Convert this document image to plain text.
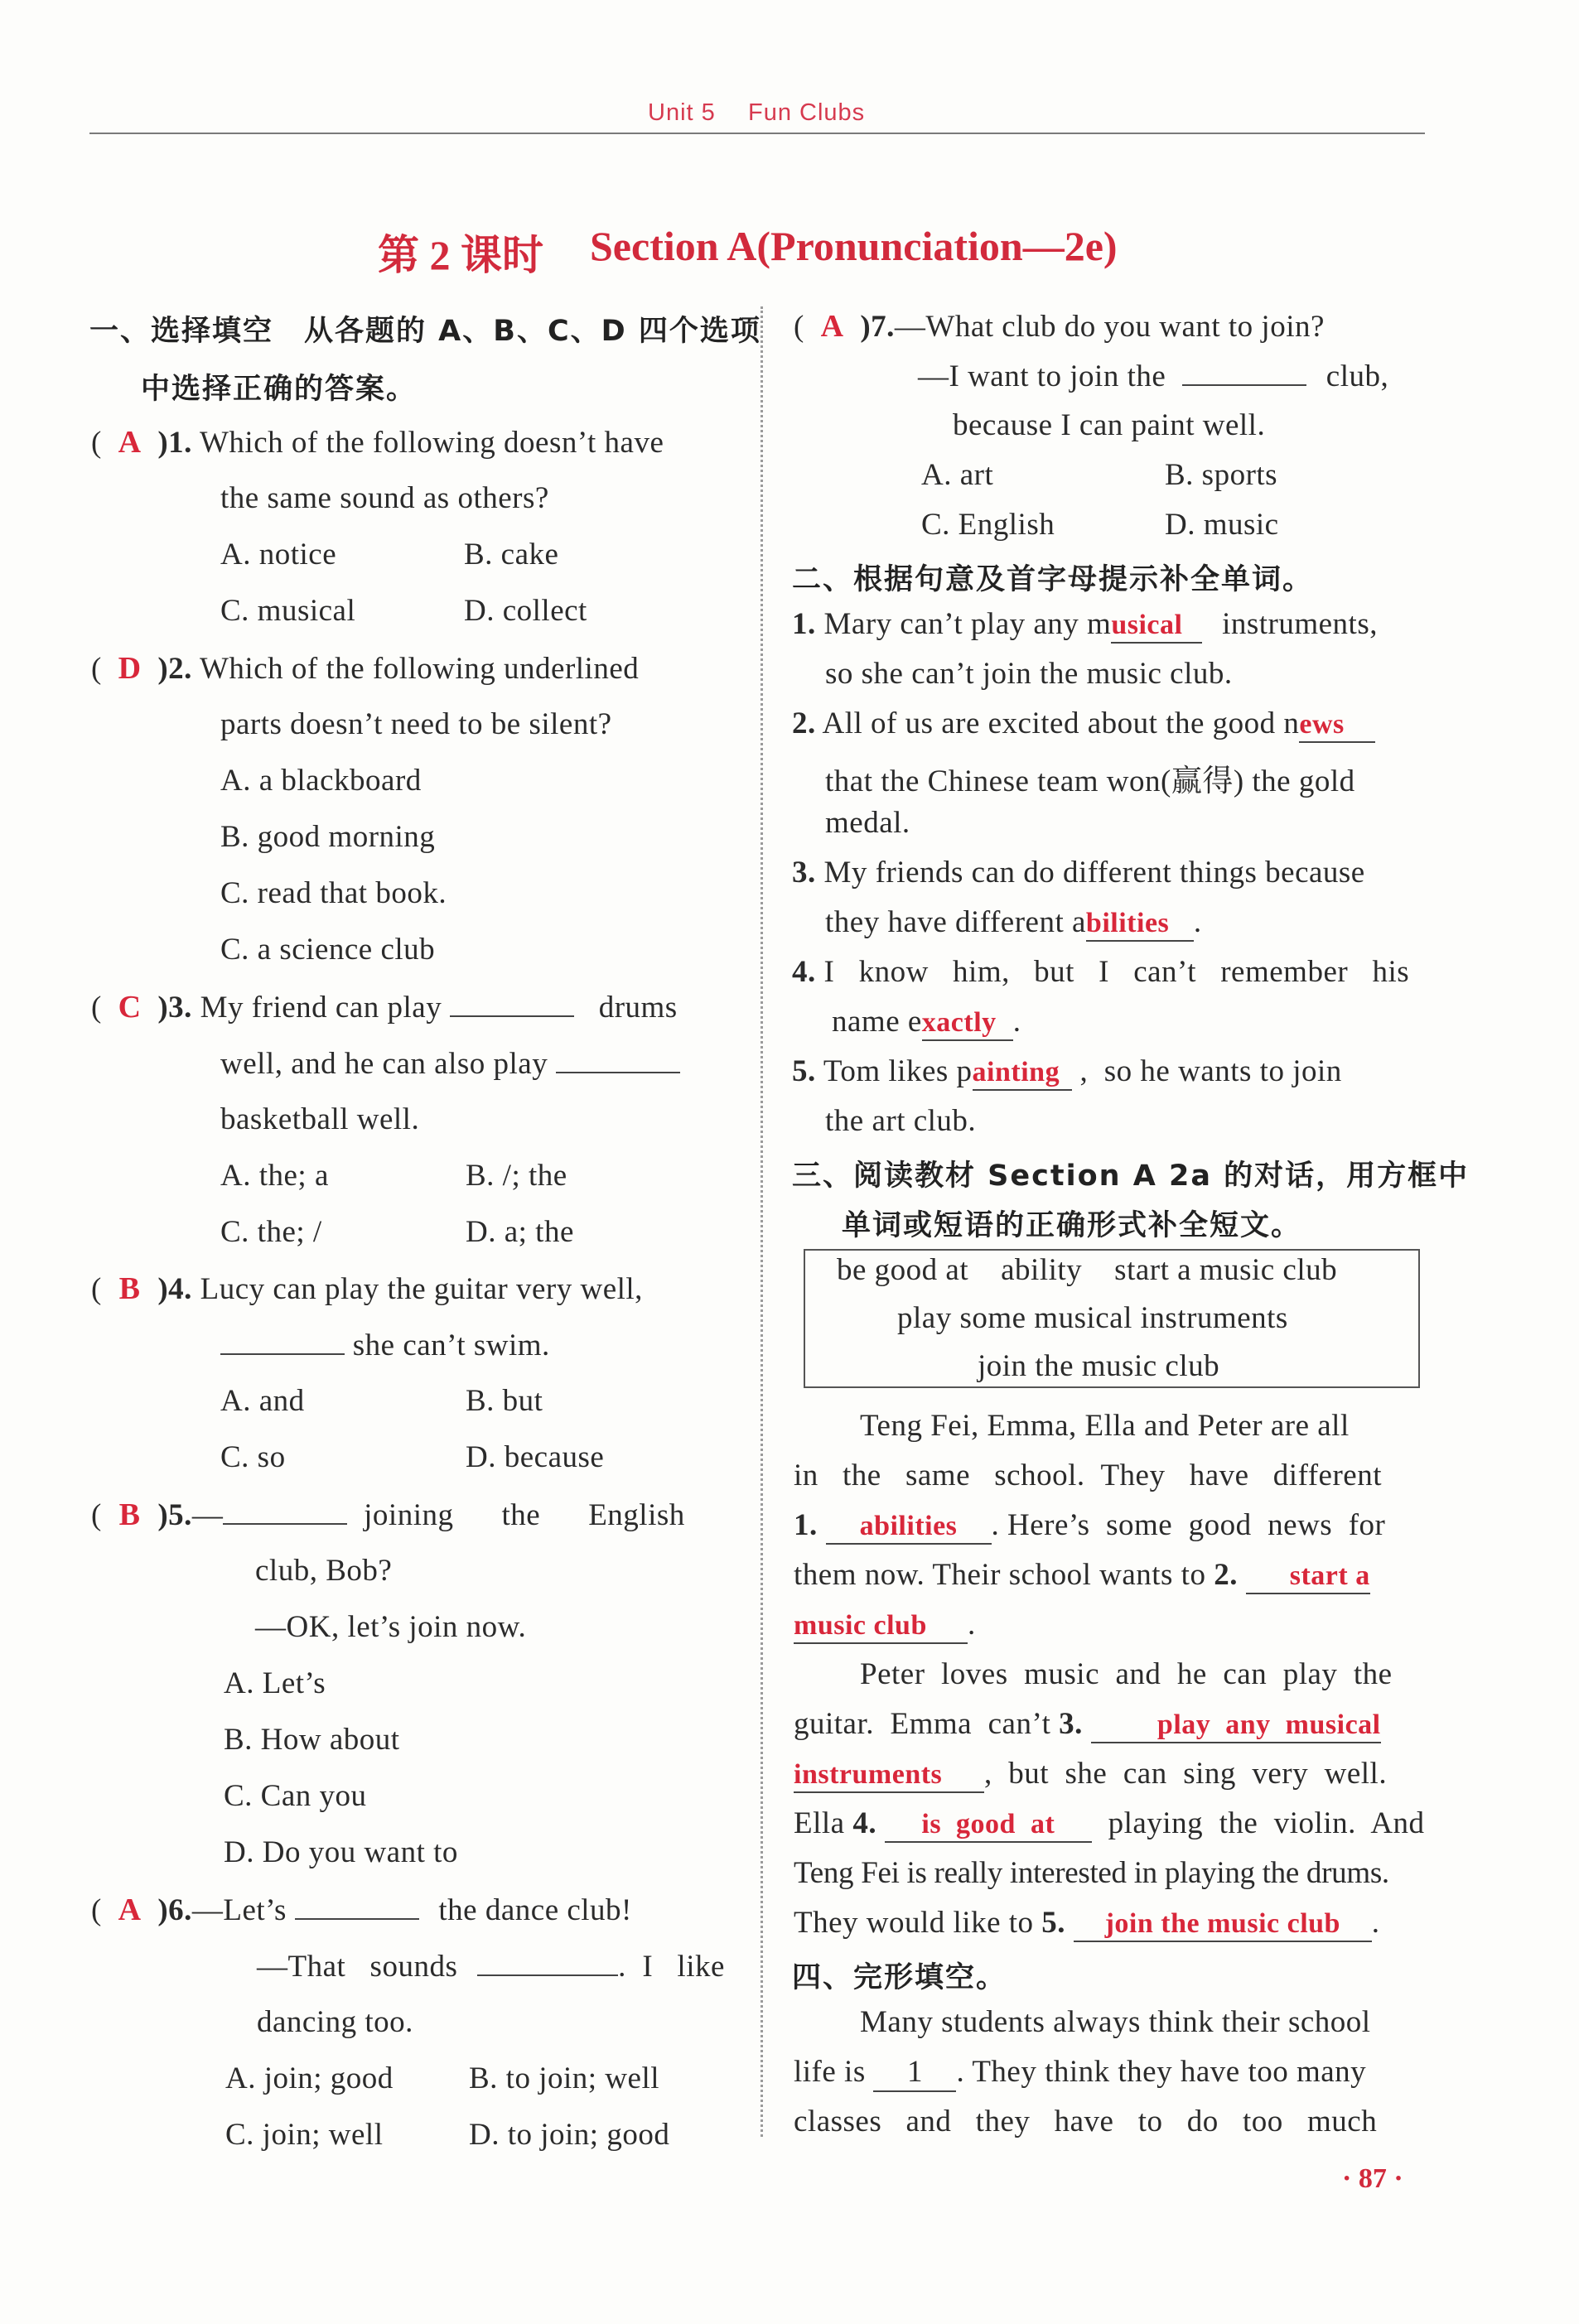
Unit 5 Fun Clubs
第 2 课时 Section A(Pronunciation—2e)
一、选择填空　从各题的 A、B、C、D 四个选项
中选择正确的答案。
( A )1. Which of the following doesn’t have
the same sound as others?
A. notice	B. cake
C. musical	D. collect
( D )2. Which of the following underlined
parts doesn’t need to be silent?
A. a blackboard
B. good morning
C. read that book.
C. a science club
( C )3. My friend can play	drums
well, and he can also play
basketball well.
A. the; a	B. /; the
C. the; /	D. a; the
( B )4. Lucy can play the guitar very well,
she can’t swim.
A. and	B. but
C. so	D. because
( B )5.—	joining the English
club, Bob?
—OK, let’s join now.
A. Let’s
B. How about
C. Can you
D. Do you want to
( A )6.—Let’s	the dance club!
—That   sounds	.  I   like
dancing too.
A. join; good B. to join; well
C. join; well	D. to join; good
( A )7.—What club do you want to join?
—I want to join the	club,
because I can paint well.
A. art	B. sports
C. English	D. music
二、根据句意及首字母提示补全单词。
1. Mary can’t play any musical instruments,
so she can’t join the music club.
2. All of us are excited about the good news
that the Chinese team won(赢得) the gold
medal.
3. My friends can do different things because
they have different abilities .
4. I   know   him,   but   I   can’t   remember   his
name exactly .
5. Tom likes painting ,  so he wants to join
the art club.
三、阅读教材 Section A 2a 的对话，用方框中
单词或短语的正确形式补全短文。
be good at    ability    start a music club
play some musical instruments
join the music club
Teng Fei, Emma, Ella and Peter are all
in   the   same   school.  They   have   different
1. abilities . Here’s  some  good  news  for
them now. Their school wants to 2. start a
music club .
Peter  loves  music  and  he  can  play  the
guitar.  Emma  can’t 3.	play  any  musical
instruments ,  but  she  can  sing  very  well.
Ella 4. is  good  at playing  the  violin.  And
Teng Fei is really interested in playing the drums.
They would like to 5. join the music club .
四、完形填空。
Many students always think their school
life is 1 . They think they have too many
classes   and   they   have   to   do   too   much
· 87 ·
